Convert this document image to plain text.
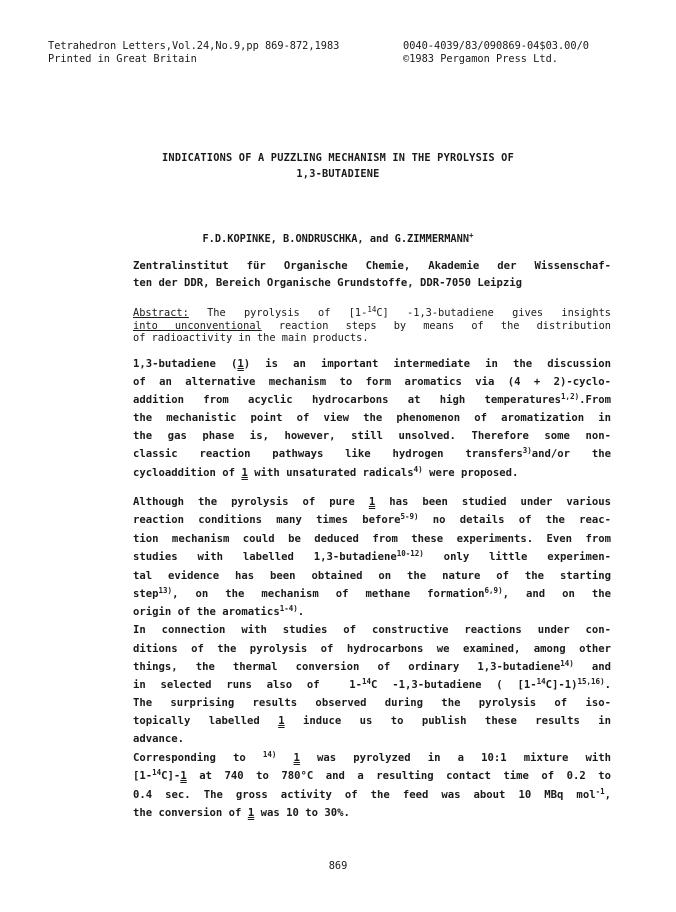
Tetrahedron Letters,Vol.24,No.9,pp 869-872,1983
Printed in Great Britain
0040-4039/83/090869-04$03.00/0
©1983 Pergamon Press Ltd.
INDICATIONS OF A PUZZLING MECHANISM IN THE PYROLYSIS OF
1,3-BUTADIENE
F.D.KOPINKE, B.ONDRUSCHKA, and G.ZIMMERMANN+
Zentralinstitut für Organische Chemie, Akademie der Wissenschaf-
ten der DDR, Bereich Organische Grundstoffe, DDR-7050 Leipzig
Abstract: The pyrolysis of [1-$^{14}$C] -1,3-butadiene gives insights
into unconventional reaction steps by means of the distribution
of radioactivity in the main products.
1,3-butadiene (1) is an important intermediate in the discussion
of an alternative mechanism to form aromatics via (4 + 2)-cyclo-
addition from acyclic hydrocarbons at high temperatures$^{1,2)}$.From
the mechanistic point of view the phenomenon of aromatization in
the gas phase is, however, still unsolved. Therefore some non-
classic reaction pathways like hydrogen transfers$^{3)}$and/or the
cycloaddition of 1 with unsaturated radicals$^{4)}$ were proposed.
Although the pyrolysis of pure 1 has been studied under various
reaction conditions many times before$^{5-9)}$ no details of the reac-
tion mechanism could be deduced from these experiments. Even from
studies with labelled 1,3-butadiene$^{10-12)}$ only little experimen-
tal evidence has been obtained on the nature of the starting
step$^{13)}$, on the mechanism of methane formation$^{6,9)}$, and on the
origin of the aromatics$^{1-4)}$.
In connection with studies of constructive reactions under con-
ditions of the pyrolysis of hydrocarbons we examined, among other
things, the thermal conversion of ordinary 1,3-butadiene$^{14)}$ and
in selected runs also of  1-$^{14}$C -1,3-butadiene ( [1-$^{14}$C]-1)$^{15,16)}$.
The surprising results observed during the pyrolysis of iso-
topically labelled 1 induce us to publish these results in
advance.
Corresponding to $^{14)}$ 1 was pyrolyzed in a 10:1 mixture with
[1-$^{14}$C]-1 at 740 to 780°C and a resulting contact time of 0.2 to
0.4 sec. The gross activity of the feed was about 10 MBq mol$^{-1}$,
the conversion of 1 was 10 to 30%.
869
